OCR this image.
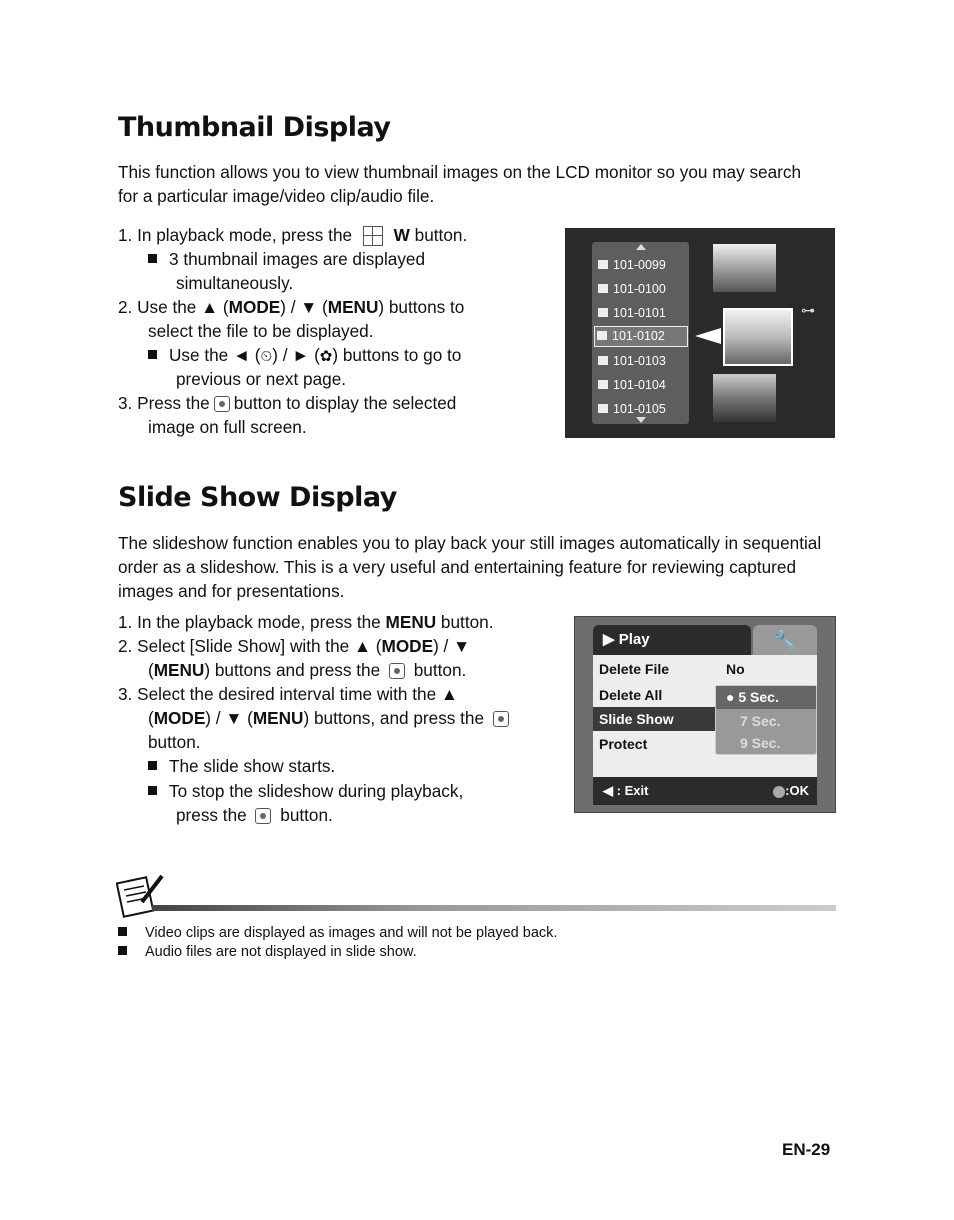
Thumbnail Display
This function allows you to view thumbnail images on the LCD monitor so you may search for a particular image/video clip/audio file.
1. In playback mode, press the W button.
3 thumbnail images are displayed
simultaneously.
2. Use the ▲ (MODE) / ▼ (MENU) buttons to
select the file to be displayed.
Use the ◄ (⏲) / ► (✿) buttons to go to
previous or next page.
3. Press the button to display the selected
image on full screen.
101-0099
101-0100
101-0101
101-0102
101-0103
101-0104
101-0105
⊶
Slide Show Display
The slideshow function enables you to play back your still images automatically in sequential order as a slideshow. This is a very useful and entertaining feature for reviewing captured images and for presentations.
1. In the playback mode, press the MENU button.
2. Select [Slide Show] with the ▲ (MODE) / ▼
(MENU) buttons and press the button.
3. Select the desired interval time with the ▲
(MODE) / ▼ (MENU) buttons, and press the
button.
The slide show starts.
To stop the slideshow during playback,
press the button.
▶ Play	🔧
Delete File	No
Delete All
Slide Show
Protect
● 5 Sec.
7 Sec.
9 Sec.
◀ : Exit	:OK
Video clips are displayed as images and will not be played back.
Audio files are not displayed in slide show.
EN-29
